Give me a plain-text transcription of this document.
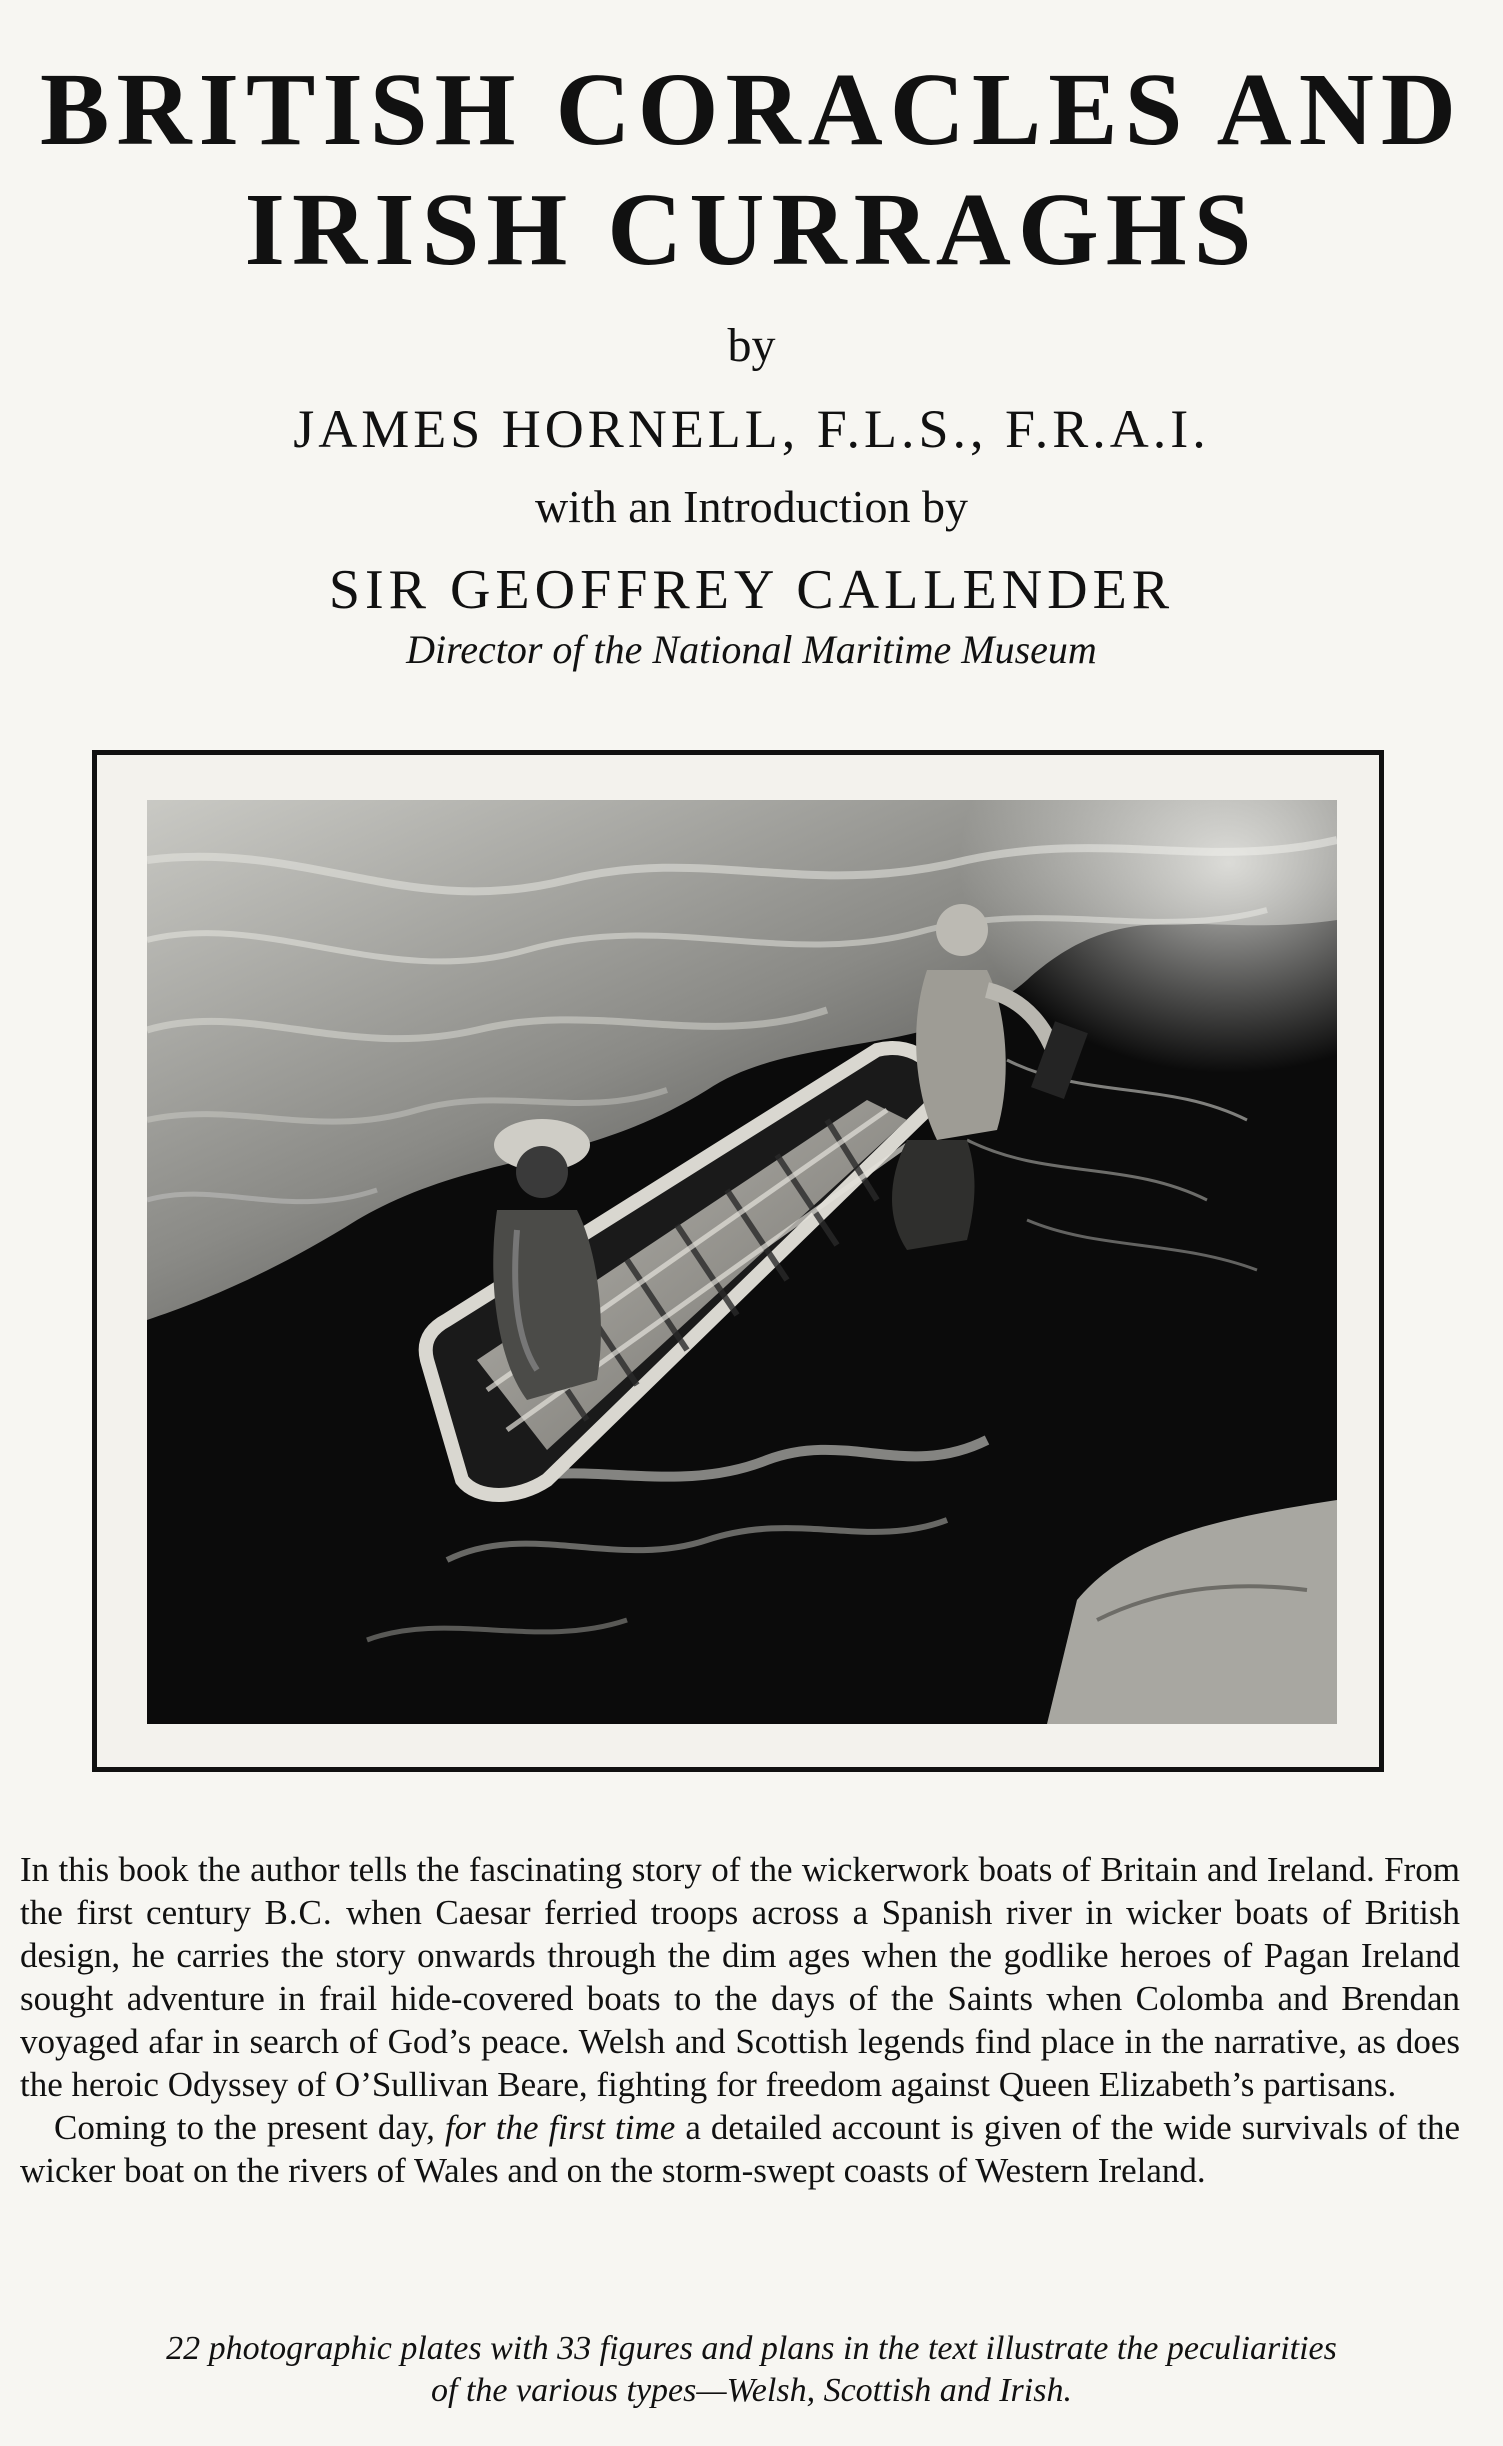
BRITISH CORACLES AND
IRISH CURRAGHS
by
JAMES HORNELL, F.L.S., F.R.A.I.
with an Introduction by
SIR GEOFFREY CALLENDER
Director of the National Maritime Museum

In this book the author tells the fascinating story of the wickerwork boats of Britain and Ireland. From the first century B.C. when Caesar ferried troops across a Spanish river in wicker boats of British design, he carries the story onwards through the dim ages when the godlike heroes of Pagan Ireland sought adventure in frail hide-covered boats to the days of the Saints when Colomba and Brendan voyaged afar in search of God’s peace. Welsh and Scottish legends find place in the narrative, as does the heroic Odyssey of O’Sullivan Beare, fighting for freedom against Queen Elizabeth’s partisans.

Coming to the present day, for the first time a detailed account is given of the wide survivals of the wicker boat on the rivers of Wales and on the storm-swept coasts of Western Ireland.

22 photographic plates with 33 figures and plans in the text illustrate the peculiarities
of the various types—Welsh, Scottish and Irish.
